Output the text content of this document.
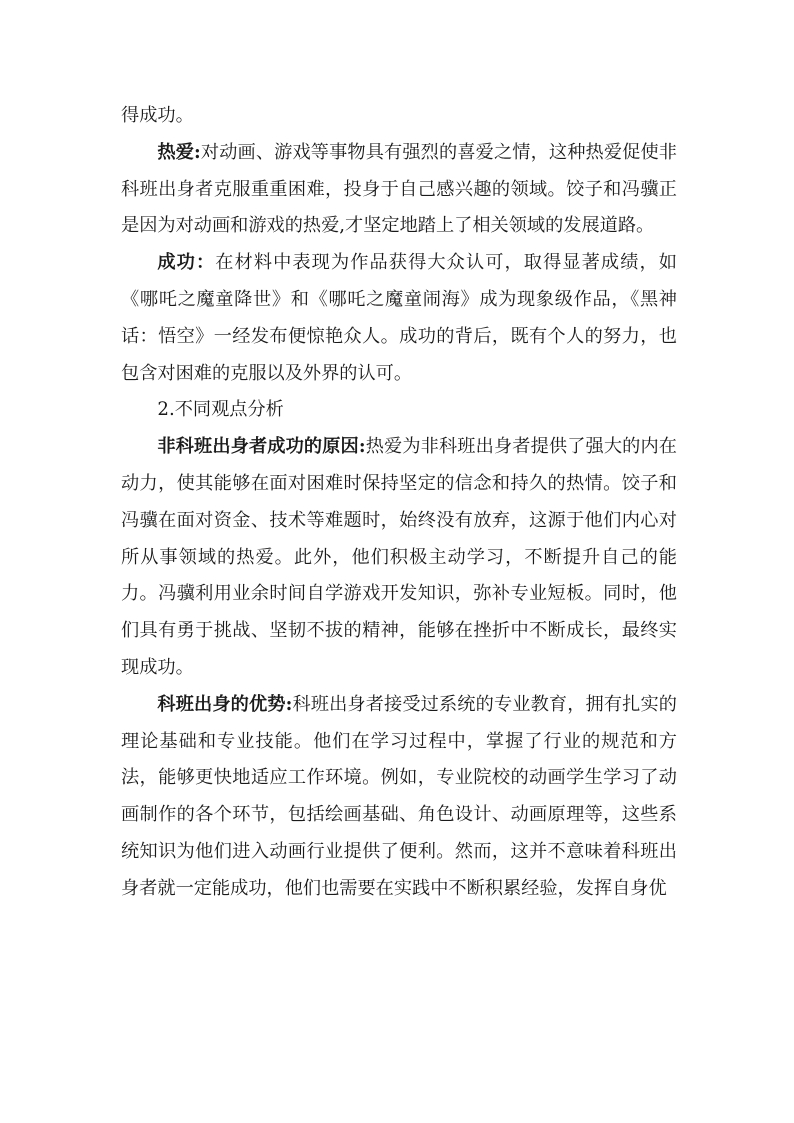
得成功。

热爱:对动画、游戏等事物具有强烈的喜爱之情，这种热爱促使非科班出身者克服重重困难，投身于自己感兴趣的领域。饺子和冯骥正是因为对动画和游戏的热爱,才坚定地踏上了相关领域的发展道路。

成功：在材料中表现为作品获得大众认可，取得显著成绩，如《哪吒之魔童降世》和《哪吒之魔童闹海》成为现象级作品，《黑神话：悟空》一经发布便惊艳众人。成功的背后，既有个人的努力，也包含对困难的克服以及外界的认可。

2.不同观点分析

非科班出身者成功的原因:热爱为非科班出身者提供了强大的内在动力，使其能够在面对困难时保持坚定的信念和持久的热情。饺子和冯骥在面对资金、技术等难题时，始终没有放弃，这源于他们内心对所从事领域的热爱。此外，他们积极主动学习，不断提升自己的能力。冯骥利用业余时间自学游戏开发知识，弥补专业短板。同时，他们具有勇于挑战、坚韧不拔的精神，能够在挫折中不断成长，最终实现成功。

科班出身的优势:科班出身者接受过系统的专业教育，拥有扎实的理论基础和专业技能。他们在学习过程中，掌握了行业的规范和方法，能够更快地适应工作环境。例如，专业院校的动画学生学习了动画制作的各个环节，包括绘画基础、角色设计、动画原理等，这些系统知识为他们进入动画行业提供了便利。然而，这并不意味着科班出身者就一定能成功，他们也需要在实践中不断积累经验，发挥自身优
